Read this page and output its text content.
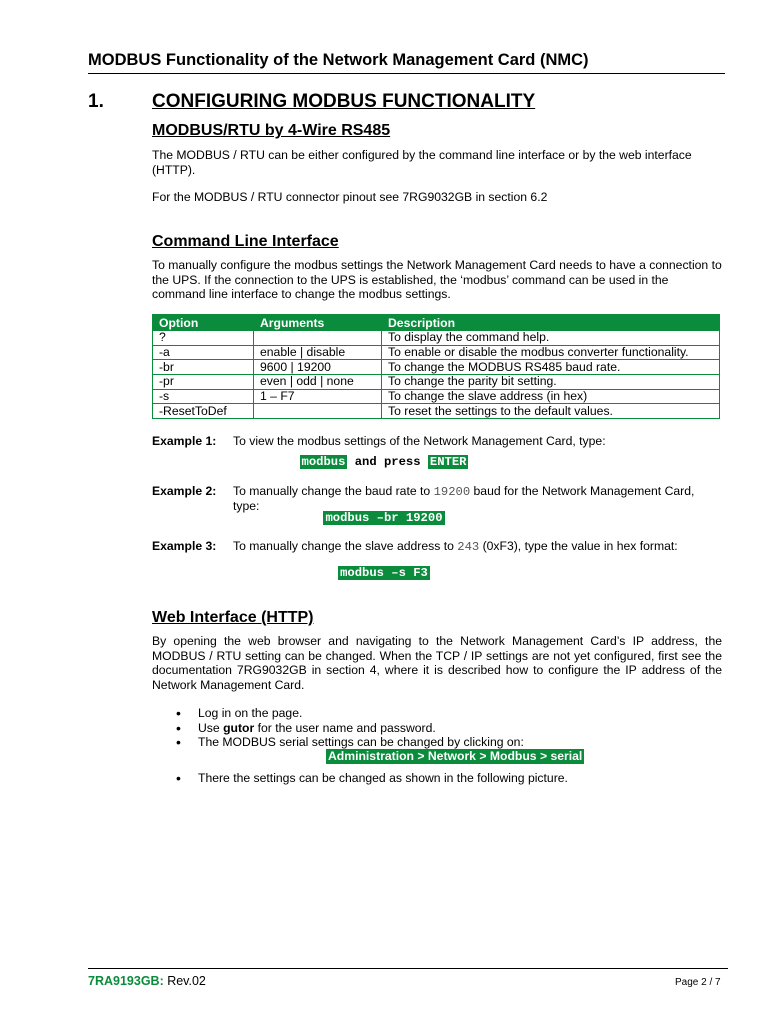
MODBUS Functionality of the Network Management Card (NMC)
1.	CONFIGURING MODBUS FUNCTIONALITY
MODBUS/RTU by 4-Wire RS485
The MODBUS / RTU can be either configured by the command line interface or by the web interface (HTTP).
For the MODBUS / RTU connector pinout see 7RG9032GB in section 6.2
Command Line Interface
To manually configure the modbus settings the Network Management Card needs to have a connection to the UPS. If the connection to the UPS is established, the ‘modbus’ command can be used in the command line interface to change the modbus settings.
Option	Arguments	Description
?		To display the command help.
-a	enable | disable	To enable or disable the modbus converter functionality.
-br	9600 | 19200	To change the MODBUS RS485 baud rate.
-pr	even | odd | none	To change the parity bit setting.
-s	1 – F7	To change the slave address (in hex)
-ResetToDef		To reset the settings to the default values.
Example 1: To view the modbus settings of the Network Management Card, type:
modbus and press ENTER
Example 2: To manually change the baud rate to 19200 baud for the Network Management Card, type:
modbus –br 19200
Example 3: To manually change the slave address to 243 (0xF3), type the value in hex format:
modbus –s F3
Web Interface (HTTP)
By opening the web browser and navigating to the Network Management Card’s IP address, the MODBUS / RTU setting can be changed. When the TCP / IP settings are not yet configured, first see the documentation 7RG9032GB in section 4, where it is described how to configure the IP address of the Network Management Card.
• Log in on the page.
• Use gutor for the user name and password.
• The MODBUS serial settings can be changed by clicking on:
Administration > Network > Modbus > serial
• There the settings can be changed as shown in the following picture.
7RA9193GB: Rev.02	Page 2 / 7
